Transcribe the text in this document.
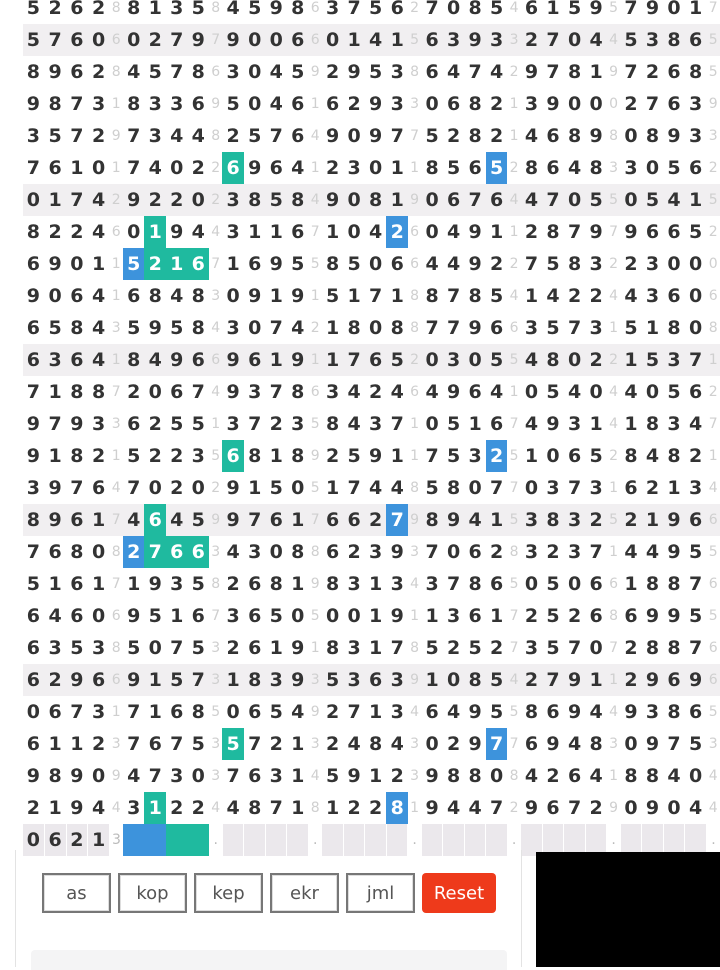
5	2	6	2	8	8	1	3	5	8	4	5	9	8	6	3	7	5	6	2	7	0	8	5	4	6	1	5	9	5	7	9	0	1	7
5	7	6	0	6	0	2	7	9	7	9	0	0	6	6	0	1	4	1	5	6	3	9	3	3	2	7	0	4	4	5	3	8	6	5
8	9	6	2	8	4	5	7	8	6	3	0	4	5	9	2	9	5	3	8	6	4	7	4	2	9	7	8	1	9	7	2	6	8	5
9	8	7	3	1	8	3	3	6	9	5	0	4	6	1	6	2	9	3	3	0	6	8	2	1	3	9	0	0	0	2	7	6	3	9
3	5	7	2	9	7	3	4	4	8	2	5	7	6	4	9	0	9	7	7	5	2	8	2	1	4	6	8	9	8	0	8	9	3	3
7	6	1	0	1	7	4	0	2	2	6	9	6	4	1	2	3	0	1	1	8	5	6	5	2	8	6	4	8	3	3	0	5	6	2
0	1	7	4	2	9	2	2	0	2	3	8	5	8	4	9	0	8	1	9	0	6	7	6	4	4	7	0	5	5	0	5	4	1	5
8	2	2	4	6	0	1	9	4	4	3	1	1	6	7	1	0	4	2	6	0	4	9	1	1	2	8	7	9	7	9	6	6	5	2
6	9	0	1	1	5	2	1	6	7	1	6	9	5	5	8	5	0	6	6	4	4	9	2	2	7	5	8	3	2	2	3	0	0	0
9	0	6	4	1	6	8	4	8	3	0	9	1	9	1	5	1	7	1	8	8	7	8	5	4	1	4	2	2	4	4	3	6	0	6
6	5	8	4	3	5	9	5	8	4	3	0	7	4	2	1	8	0	8	8	7	7	9	6	6	3	5	7	3	1	5	1	8	0	8
6	3	6	4	1	8	4	9	6	6	9	6	1	9	1	1	7	6	5	2	0	3	0	5	5	4	8	0	2	2	1	5	3	7	1
7	1	8	8	7	2	0	6	7	4	9	3	7	8	6	3	4	2	4	6	4	9	6	4	1	0	5	4	0	4	4	0	5	6	2
9	7	9	3	3	6	2	5	5	1	3	7	2	3	5	8	4	3	7	1	0	5	1	6	7	4	9	3	1	4	1	8	3	4	7
9	1	8	2	1	5	2	2	3	5	6	8	1	8	9	2	5	9	1	1	7	5	3	2	5	1	0	6	5	2	8	4	8	2	1
3	9	7	6	4	7	0	2	0	2	9	1	5	0	5	1	7	4	4	8	5	8	0	7	7	0	3	7	3	1	6	2	1	3	4
8	9	6	1	7	4	6	4	5	9	9	7	6	1	7	6	6	2	7	9	8	9	4	1	5	3	8	3	2	5	2	1	9	6	6
7	6	8	0	8	2	7	6	6	3	4	3	0	8	8	6	2	3	9	3	7	0	6	2	8	3	2	3	7	1	4	4	9	5	5
5	1	6	1	7	1	9	3	5	8	2	6	8	1	9	8	3	1	3	4	3	7	8	6	5	0	5	0	6	6	1	8	8	7	6
6	4	6	0	6	9	5	1	6	7	3	6	5	0	5	0	0	1	9	1	1	3	6	1	7	2	5	2	6	8	6	9	9	5	5
6	3	5	3	8	5	0	7	5	3	2	6	1	9	1	8	3	1	7	8	5	2	5	2	7	3	5	7	0	7	2	8	8	7	6
6	2	9	6	6	9	1	5	7	3	1	8	3	9	3	5	3	6	3	9	1	0	8	5	4	2	7	9	1	1	2	9	6	9	6
0	6	7	3	1	7	1	6	8	5	0	6	5	4	9	2	7	1	3	4	6	4	9	5	5	8	6	9	4	4	9	3	8	6	5
6	1	1	2	3	7	6	7	5	3	5	7	2	1	3	2	4	8	4	3	0	2	9	7	7	6	9	4	8	3	0	9	7	5	3
9	8	9	0	9	4	7	3	0	3	7	6	3	1	4	5	9	1	2	3	9	8	8	0	8	4	2	6	4	1	8	8	4	0	4
2	1	9	4	4	3	1	2	2	4	4	8	7	1	8	1	2	2	8	1	9	4	4	7	2	9	6	7	2	9	0	9	0	4	4
0	6	2	1	3					.					.					.					.					.					.
as	kop	kep	ekr	jml	Reset
